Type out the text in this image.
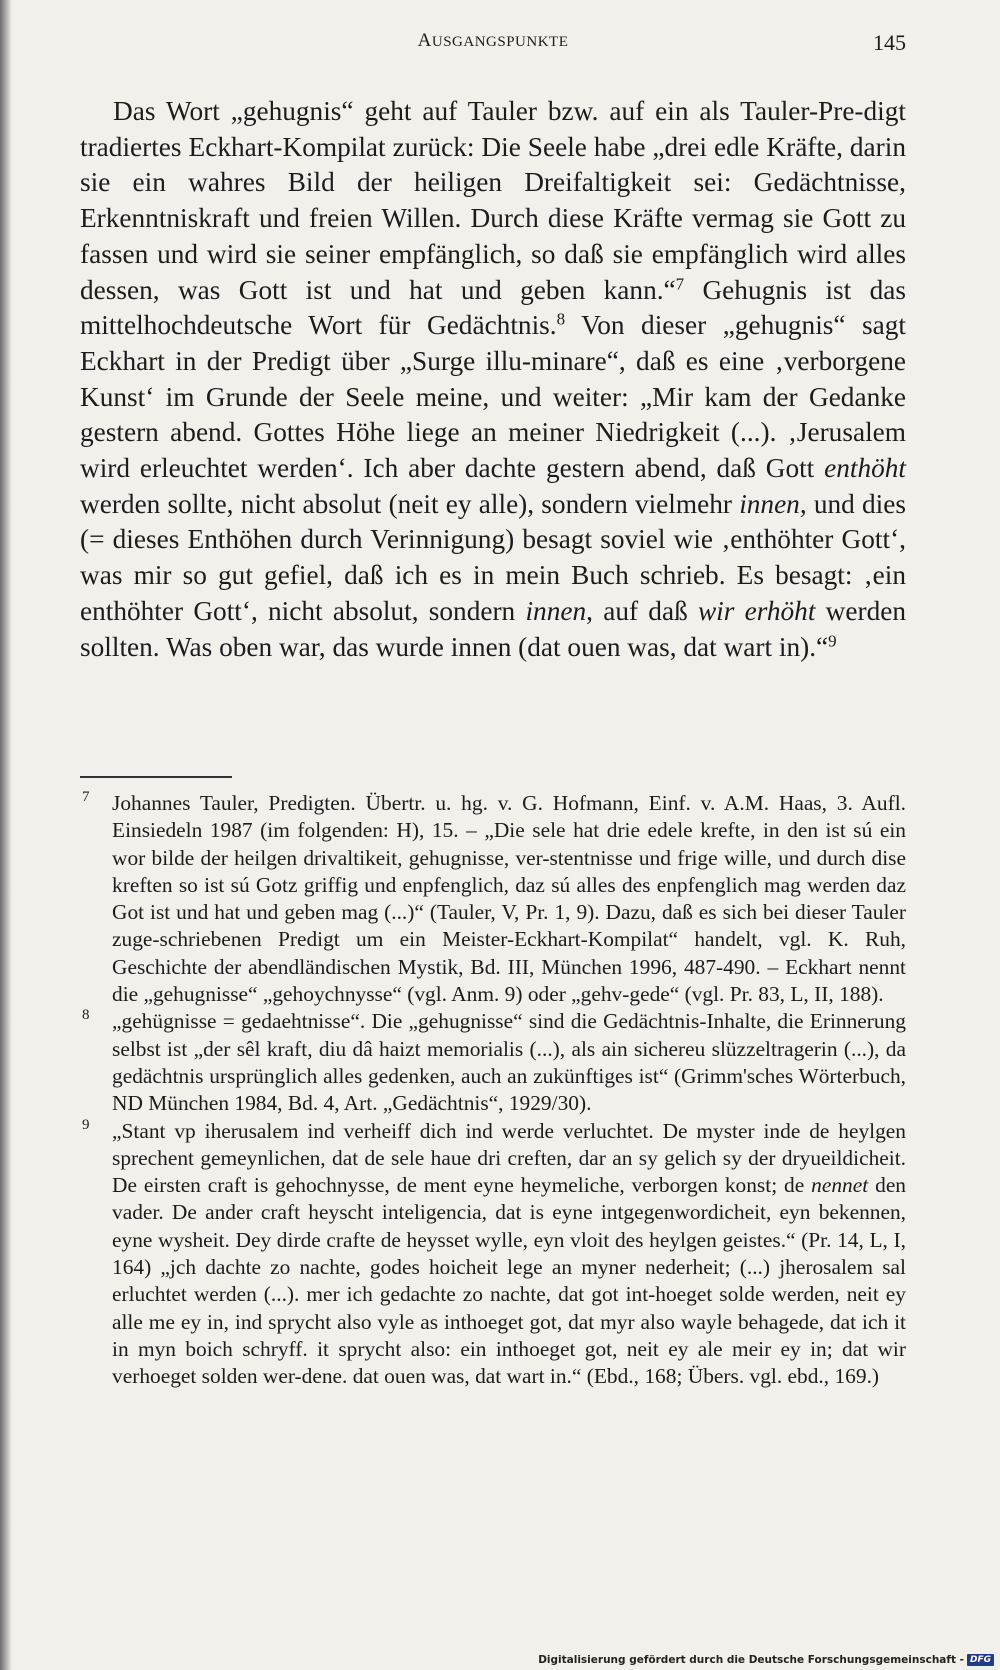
AUSGANGSPUNKTE	145
Das Wort „gehugnis“ geht auf Tauler bzw. auf ein als Tauler-Pre-digt tradiertes Eckhart-Kompilat zurück: Die Seele habe „drei edle Kräfte, darin sie ein wahres Bild der heiligen Dreifaltigkeit sei: Gedächtnisse, Erkenntniskraft und freien Willen. Durch diese Kräfte vermag sie Gott zu fassen und wird sie seiner empfänglich, so daß sie empfänglich wird alles dessen, was Gott ist und hat und geben kann.“$^7$ Gehugnis ist das mittelhochdeutsche Wort für Gedächtnis.$^8$ Von dieser „gehugnis“ sagt Eckhart in der Predigt über „Surge illu-minare“, daß es eine ‚verborgene Kunst‘ im Grunde der Seele meine, und weiter: „Mir kam der Gedanke gestern abend. Gottes Höhe liege an meiner Niedrigkeit (...). ‚Jerusalem wird erleuchtet werden‘. Ich aber dachte gestern abend, daß Gott enthöht werden sollte, nicht absolut (neit ey alle), sondern vielmehr innen, und dies (= dieses Enthöhen durch Verinnigung) besagt soviel wie ‚enthöhter Gott‘, was mir so gut gefiel, daß ich es in mein Buch schrieb. Es besagt: ‚ein enthöhter Gott‘, nicht absolut, sondern innen, auf daß wir erhöht werden sollten. Was oben war, das wurde innen (dat ouen was, dat wart in).“$^9$
7 Johannes Tauler, Predigten. Übertr. u. hg. v. G. Hofmann, Einf. v. A.M. Haas, 3. Aufl. Einsiedeln 1987 (im folgenden: H), 15. – „Die sele hat drie edele krefte, in den ist sú ein wor bilde der heilgen drivaltikeit, gehugnisse, ver-stentnisse und frige wille, und durch dise kreften so ist sú Gotz griffig und enpfenglich, daz sú alles des enpfenglich mag werden daz Got ist und hat und geben mag (...)“ (Tauler, V, Pr. 1, 9). Dazu, daß es sich bei dieser Tauler zuge-schriebenen Predigt um ein Meister-Eckhart-Kompilat“ handelt, vgl. K. Ruh, Geschichte der abendländischen Mystik, Bd. III, München 1996, 487-490. – Eckhart nennt die „gehugnisse“ „gehoychnysse“ (vgl. Anm. 9) oder „gehv-gede“ (vgl. Pr. 83, L, II, 188).
8 „gehügnisse = gedaehtnisse“. Die „gehugnisse“ sind die Gedächtnis-Inhalte, die Erinnerung selbst ist „der sêl kraft, diu dâ haizt memorialis (...), als ain sichereu slüzzeltragerin (...), da gedächtnis ursprünglich alles gedenken, auch an zukünftiges ist“ (Grimm'sches Wörterbuch, ND München 1984, Bd. 4, Art. „Gedächtnis“, 1929/30).
9 „Stant vp iherusalem ind verheiff dich ind werde verluchtet. De myster inde de heylgen sprechent gemeynlichen, dat de sele haue dri creften, dar an sy gelich sy der dryueildicheit. De eirsten craft is gehochnysse, de ment eyne heymeliche, verborgen konst; de nennet den vader. De ander craft heyscht inteligencia, dat is eyne intgegenwordicheit, eyn bekennen, eyne wysheit. Dey dirde crafte de heysset wylle, eyn vloit des heylgen geistes.“ (Pr. 14, L, I, 164) „jch dachte zo nachte, godes hoicheit lege an myner nederheit; (...) jherosalem sal erluchtet werden (...). mer ich gedachte zo nachte, dat got int-hoeget solde werden, neit ey alle me ey in, ind sprycht also vyle as inthoeget got, dat myr also wayle behagede, dat ich it in myn boich schryff. it sprycht also: ein inthoeget got, neit ey ale meir ey in; dat wir verhoeget solden wer-dene. dat ouen was, dat wart in.“ (Ebd., 168; Übers. vgl. ebd., 169.)
Digitalisierung gefördert durch die Deutsche Forschungsgemeinschaft - DFG
